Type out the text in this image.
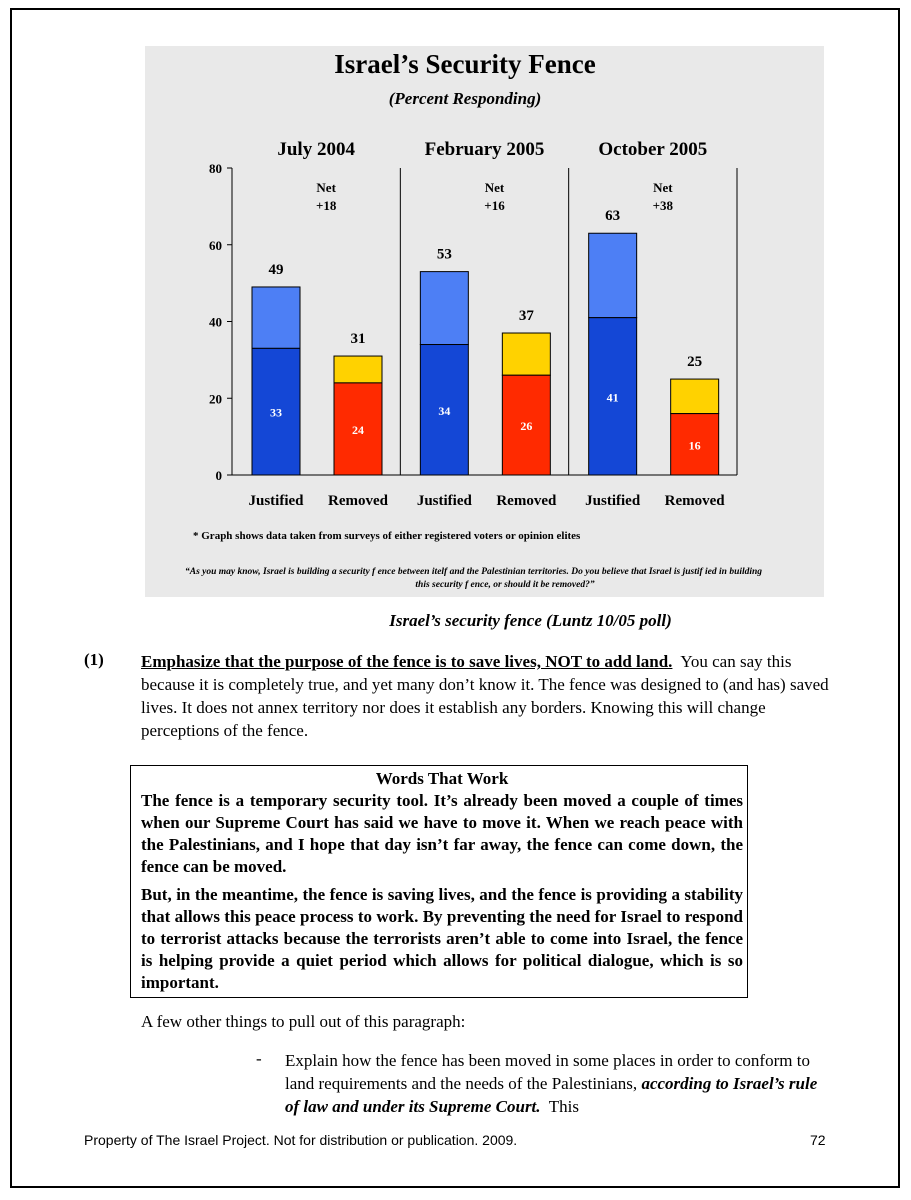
Israel’s Security Fence
(Percent Responding)
0
20
40
60
80
July 2004
Net
+18
49
33
Justified
31
24
Removed
February 2005
Net
+16
53
34
Justified
37
26
Removed
October 2005
Net
+38
63
41
Justified
25
16
Removed
* Graph shows data taken from surveys of either registered voters or opinion elites
“As you may know, Israel is building a security f ence between itelf and the Palestinian territories. Do you believe that Israel is justif ied in building
this security f ence, or should it be removed?”
Israel’s security fence (Luntz 10/05 poll)
(1) Emphasize that the purpose of the fence is to save lives, NOT to add land. You can say this because it is completely true, and yet many don’t know it. The fence was designed to (and has) saved lives. It does not annex territory nor does it establish any borders. Knowing this will change perceptions of the fence.
Words That Work

The fence is a temporary security tool. It’s already been moved a couple of times when our Supreme Court has said we have to move it. When we reach peace with the Palestinians, and I hope that day isn’t far away, the fence can come down, the fence can be moved.

But, in the meantime, the fence is saving lives, and the fence is providing a stability that allows this peace process to work. By preventing the need for Israel to respond to terrorist attacks because the terrorists aren’t able to come into Israel, the fence is helping provide a quiet period which allows for political dialogue, which is so important.

A few other things to pull out of this paragraph:
- Explain how the fence has been moved in some places in order to conform to land requirements and the needs of the Palestinians, according to Israel’s rule of law and under its Supreme Court. This
Property of The Israel Project. Not for distribution or publication. 2009.	72
